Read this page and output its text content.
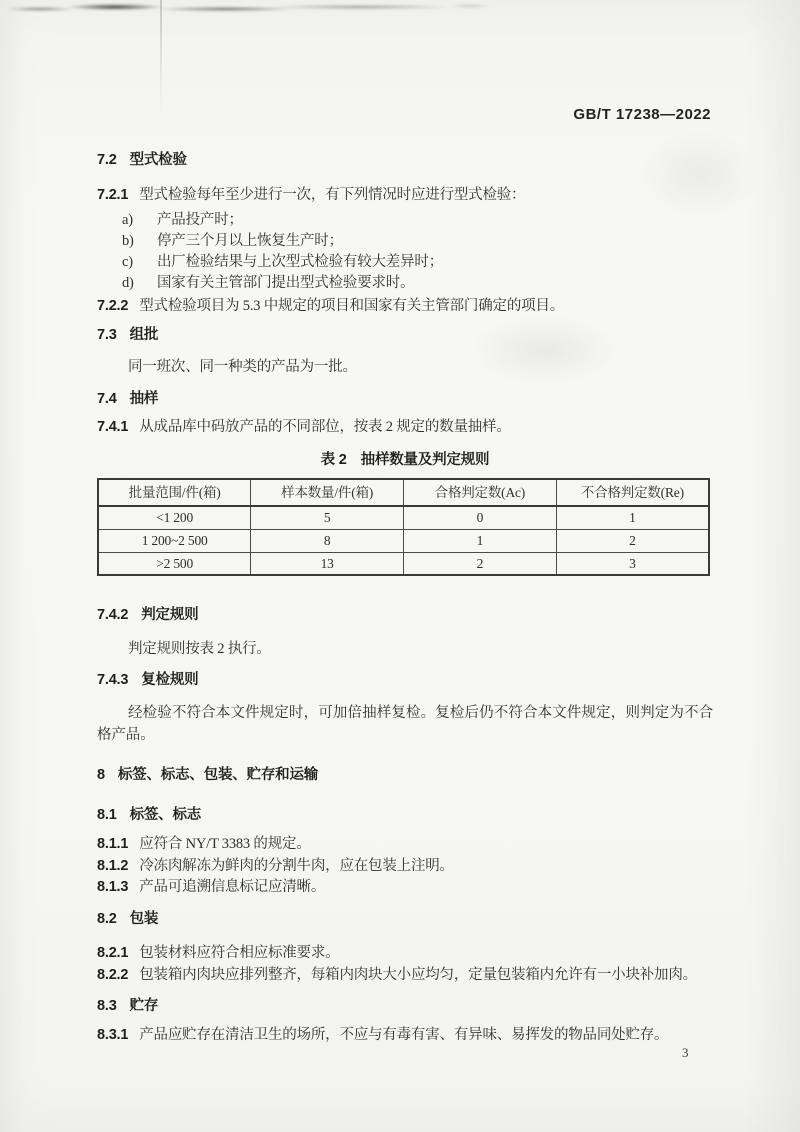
GB/T 17238—2022
7.2 型式检验
7.2.1 型式检验每年至少进行一次，有下列情况时应进行型式检验：
a) 产品投产时；
b) 停产三个月以上恢复生产时；
c) 出厂检验结果与上次型式检验有较大差异时；
d) 国家有关主管部门提出型式检验要求时。
7.2.2 型式检验项目为 5.3 中规定的项目和国家有关主管部门确定的项目。
7.3 组批
同一班次、同一种类的产品为一批。
7.4 抽样
7.4.1 从成品库中码放产品的不同部位，按表 2 规定的数量抽样。
表 2 抽样数量及判定规则
批量范围/件(箱)	样本数量/件(箱)	合格判定数(Ac)	不合格判定数(Re)
<1 200	5	0	1
1 200~2 500	8	1	2
>2 500	13	2	3
7.4.2 判定规则
判定规则按表 2 执行。
7.4.3 复检规则
经检验不符合本文件规定时，可加倍抽样复检。复检后仍不符合本文件规定，则判定为不合格产品。
8 标签、标志、包装、贮存和运输
8.1 标签、标志
8.1.1 应符合 NY/T 3383 的规定。
8.1.2 冷冻肉解冻为鲜肉的分割牛肉，应在包装上注明。
8.1.3 产品可追溯信息标记应清晰。
8.2 包装
8.2.1 包装材料应符合相应标准要求。
8.2.2 包装箱内肉块应排列整齐，每箱内肉块大小应均匀，定量包装箱内允许有一小块补加肉。
8.3 贮存
8.3.1 产品应贮存在清洁卫生的场所，不应与有毒有害、有异味、易挥发的物品同处贮存。
3
